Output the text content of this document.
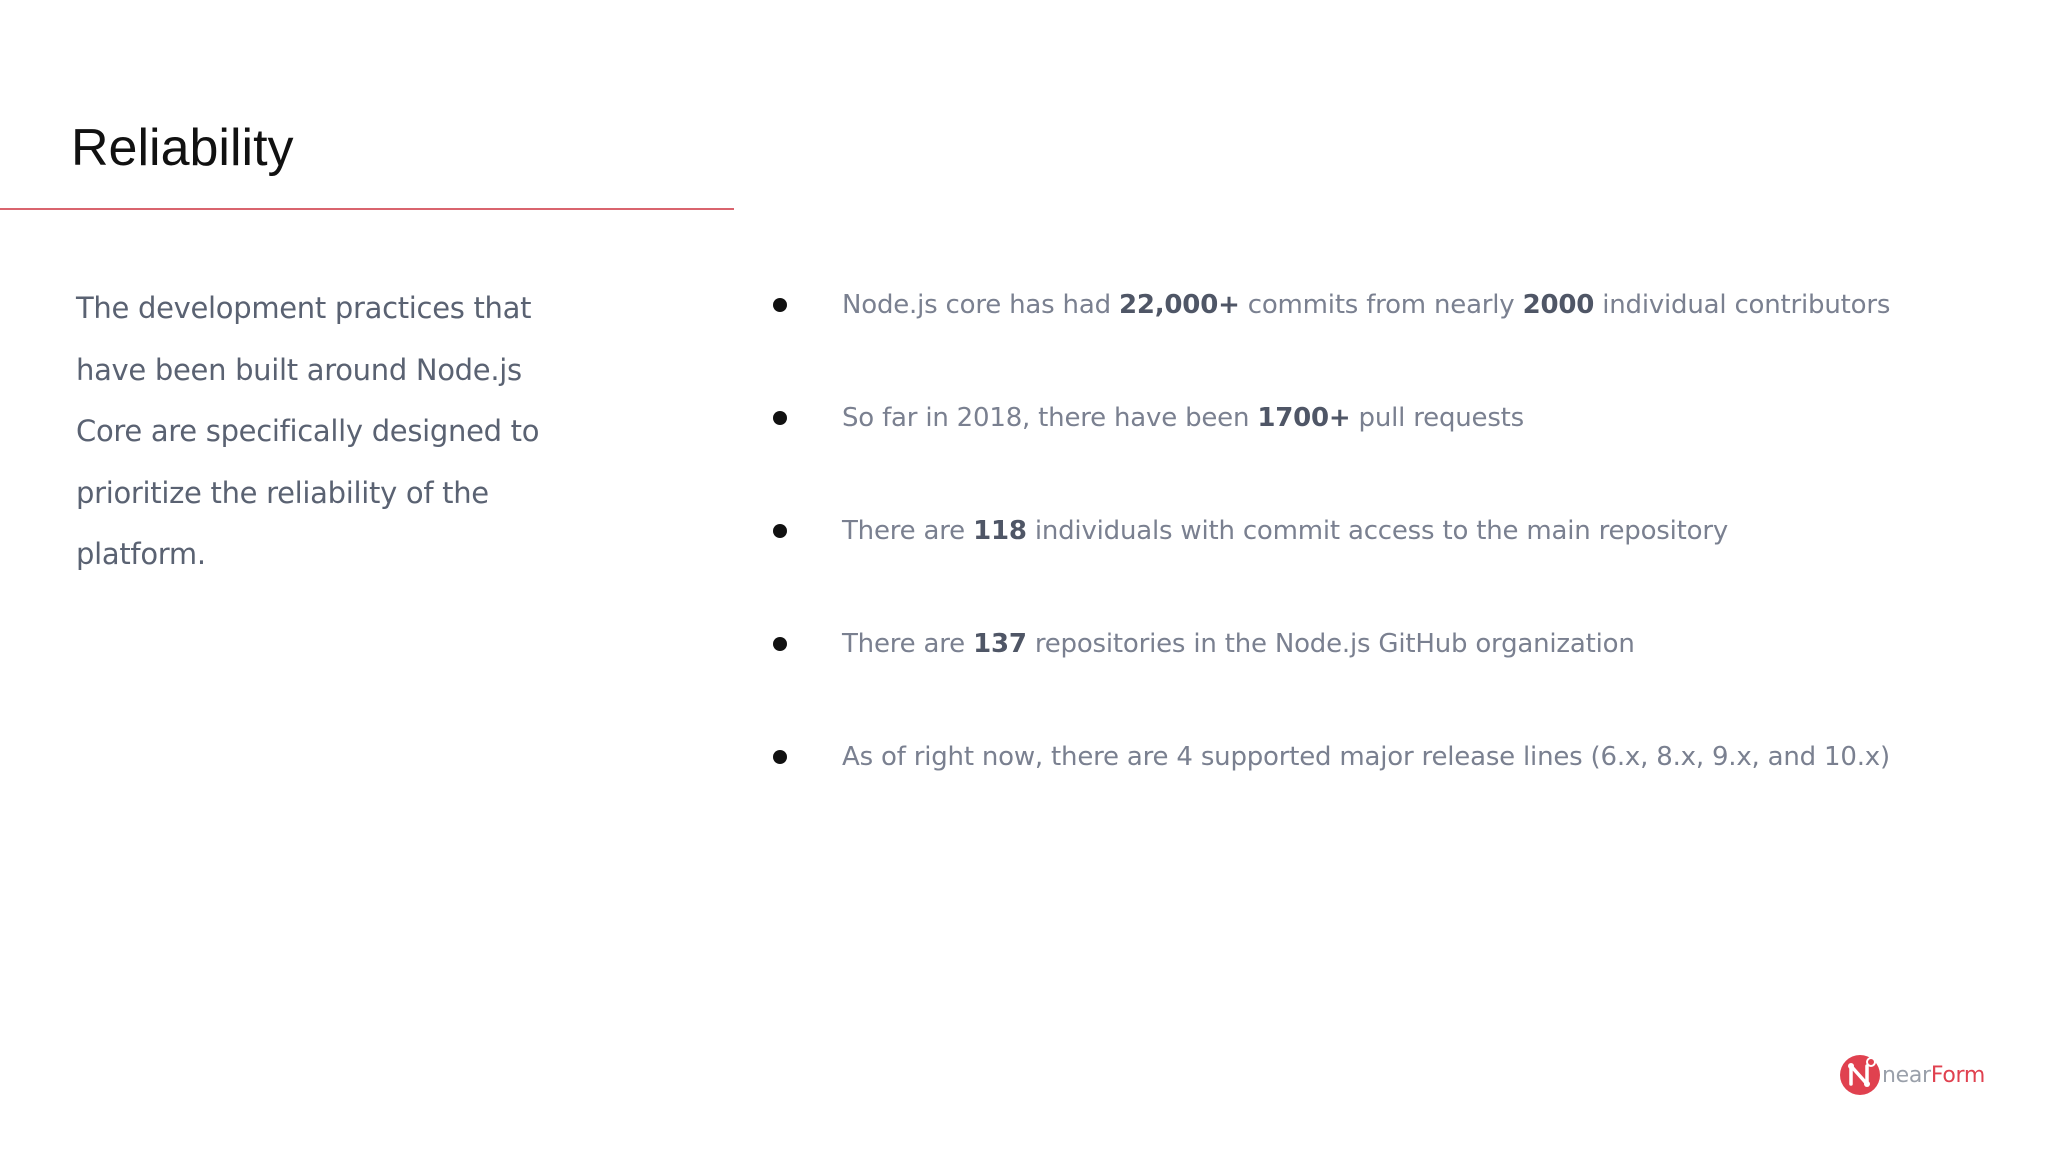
Reliability
The development practices that
have been built around Node.js
Core are specifically designed to
prioritize the reliability of the
platform.
Node.js core has had 22,000+ commits from nearly 2000 individual contributors
So far in 2018, there have been 1700+ pull requests
There are 118 individuals with commit access to the main repository
There are 137 repositories in the Node.js GitHub organization
As of right now, there are 4 supported major release lines (6.x, 8.x, 9.x, and 10.x)
nearForm
